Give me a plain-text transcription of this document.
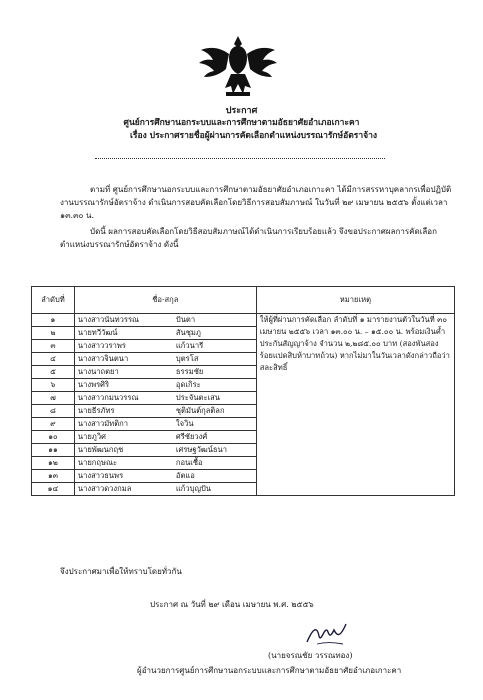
ประกาศ
ศูนย์การศึกษานอกระบบและการศึกษาตามอัธยาศัยอำเภอเกาะคา
เรื่อง ประกาศรายชื่อผู้ผ่านการคัดเลือกตำแหน่งบรรณารักษ์อัตราจ้าง
ตามที่ ศูนย์การศึกษานอกระบบและการศึกษาตามอัธยาศัยอำเภอเกาะคา ได้มีการสรรหาบุคลากรเพื่อปฏิบัติงานบรรณารักษ์อัตราจ้าง ดำเนินการสอบคัดเลือกโดยวิธีการสอบสัมภาษณ์ ในวันที่ ๒๙ เมษายน ๒๕๕๖ ตั้งแต่เวลา ๑๓.๓๐ น.
บัดนี้ ผลการสอบคัดเลือกโดยวิธีสอบสัมภาษณ์ได้ดำเนินการเรียบร้อยแล้ว จึงขอประกาศผลการคัดเลือกตำแหน่งบรรณารักษ์อัตราจ้าง ดังนี้
ลำดับที่	ชื่อ-สกุล	หมายเหตุ
๑	นางสาวนันทวรรณ ปันตา	ให้ผู้ที่ผ่านการคัดเลือก ลำดับที่ ๑ มารายงานตัวในวันที่ ๓๐ เมษายน ๒๕๕๖ เวลา ๑๓.๐๐ น. – ๑๕.๐๐ น. พร้อมเงินค้ำประกันสัญญาจ้าง จำนวน ๒,๒๘๕.๐๐ บาท (สองพันสองร้อยแปดสิบห้าบาทถ้วน) หากไม่มาในวันเวลาดังกล่าวถือว่าสละสิทธิ์
๒	นายทวีวัฒน์ สันชุมภู	
๓	นางสาววราพร แก้วนารี	
๔	นางสาวจินตนา บุตรโส	
๕	นางนาถตยา ธรรมชัย	
๖	นางพรศิริ อุดเกิระ	
๗	นางสาวกมนวรรณ ประจันตะเสน	
๘	นายธีรภัทร ชุติมันต์กุลติลก	
๙	นางสาวมัทติกา ใจวิน	
๑๐	นายภูวิศ ศรีชัยวงศ์	
๑๑	นายพัฒนกฤช เศรษฐวัฒน์ธนา	
๑๒	นายกฤษณะ กอนเชื้อ	
๑๓	นางสาวธนพร อัตแอ	
๑๔	นางสาวดวงกมล แก้วบุญปัน	
จึงประกาศมาเพื่อให้ทราบโดยทั่วกัน
ประกาศ ณ วันที่ ๒๙ เดือน เมษายน พ.ศ. ๒๕๕๖
(นายจรณชัย วรรณทอง)
ผู้อำนวยการศูนย์การศึกษานอกระบบและการศึกษาตามอัธยาศัยอำเภอเกาะคา
